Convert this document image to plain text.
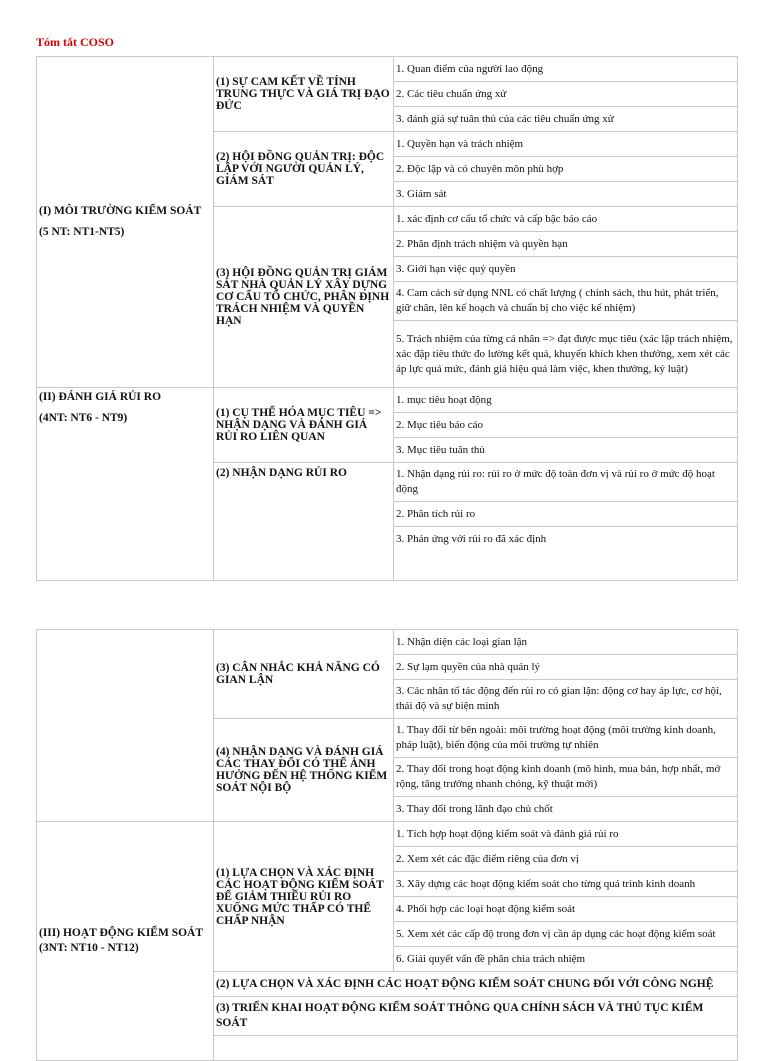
Tóm tắt COSO
(I) MÔI TRƯỜNG KIỂM SOÁT
(5 NT: NT1-NT5)	(1) SỰ CAM KẾT VỀ TÍNH TRUNG THỰC VÀ GIÁ TRỊ ĐẠO ĐỨC	1. Quan điểm của người lao động
		2. Các tiêu chuẩn ứng xử
		3. đánh giá sự tuân thủ của các tiêu chuẩn ứng xử
	(2) HỘI ĐỒNG QUẢN TRỊ: ĐỘC LẬP VỚI NGƯỜI QUẢN LÝ, GIÁM SÁT	1. Quyền hạn và trách nhiệm
		2. Độc lập và có chuyên môn phù hợp
		3. Giám sát
	(3) HỘI ĐỒNG QUẢN TRỊ GIÁM SÁT NHÀ QUẢN LÝ XÂY DỰNG CƠ CẤU TỔ CHỨC, PHÂN ĐỊNH TRÁCH NHIỆM VÀ QUYỀN HẠN	1. xác định cơ cấu tổ chức và cấp bậc báo cáo
		2. Phân định trách nhiệm và quyền hạn
		3. Giới hạn việc quỷ quyền
		4. Cam cách sử dụng NNL có chất lượng ( chính sách, thu hút, phát triển, giữ chân, lên kế hoạch và chuẩn bị cho việc kế nhiệm)
		5. Trách nhiệm của từng cá nhân => đạt được mục tiêu (xác lập trách nhiệm, xác đặp tiêu thức đo lường kết quả, khuyến khích khen thưởng, xem xét các áp lực quá mức, đánh giá hiệu quả làm việc, khen thưởng, kỷ luật)

(II) ĐÁNH GIÁ RỦI RO
(4NT: NT6 - NT9)	(1) CỤ THỂ HÓA MỤC TIÊU => NHẬN DẠNG VÀ ĐÁNH GIÁ RỦI RO LIÊN QUAN	1. mục tiêu hoạt động
		2. Mục tiêu báo cáo
		3. Mục tiêu tuân thủ
	(2) NHẬN DẠNG RỦI RO	1. Nhận dạng rủi ro: rủi ro ở mức độ toàn đơn vị và rủi ro ở mức độ hoạt động
		2. Phân tích rủi ro
		3. Phản ứng với rủi ro đã xác định
	(3) CÂN NHẮC KHẢ NĂNG CÓ GIAN LẬN	1. Nhận diện các loại gian lận
		2. Sự lạm quyền của nhà quản lý
		3. Các nhân tố tác động đến rủi ro có gian lận: động cơ hay áp lực, cơ hội, thái độ và sự biện minh
	(4) NHẬN DẠNG VÀ ĐÁNH GIÁ CÁC THAY ĐỔI CÓ THỂ ẢNH HƯỞNG ĐẾN HỆ THỐNG KIỂM SOÁT NỘI BỘ	1. Thay đổi từ bên ngoài: môi trường hoạt động (môi trường kinh doanh, pháp luật), biến động của môi trường tự nhiên
		2. Thay đổi trong hoạt động kinh doanh (mô hình, mua bán, hợp nhất, mở rộng, tăng trưởng nhanh chóng, kỹ thuật mới)
		3. Thay đổi trong lãnh đạo chủ chốt

(III) HOẠT ĐỘNG KIỂM SOÁT (3NT: NT10 - NT12)	(1) LỰA CHỌN VÀ XÁC ĐỊNH CÁC HOẠT ĐỘNG KIỂM SOÁT ĐỂ GIẢM THIỂU RỦI RO XUỐNG MỨC THẤP CÓ THỂ CHẤP NHẬN	1. Tích hợp hoạt động kiểm soát và đánh giá rủi ro
		2. Xem xét các đặc điểm riêng của đơn vị
		3. Xây dựng các hoạt động kiểm soát cho từng quá trình kinh doanh
		4. Phối hợp các loại hoạt động kiểm soát
		5. Xem xét các cấp độ trong đơn vị cần áp dụng các hoạt động kiểm soát
		6. Giải quyết vấn đề phân chia trách nhiệm
	(2) LỰA CHỌN VÀ XÁC ĐỊNH CÁC HOẠT ĐỘNG KIỂM SOÁT CHUNG ĐỐI VỚI CÔNG NGHỆ	
	(3) TRIỂN KHAI HOẠT ĐỘNG KIỂM SOÁT THÔNG QUA CHÍNH SÁCH VÀ THỦ TỤC KIỂM SOÁT	
